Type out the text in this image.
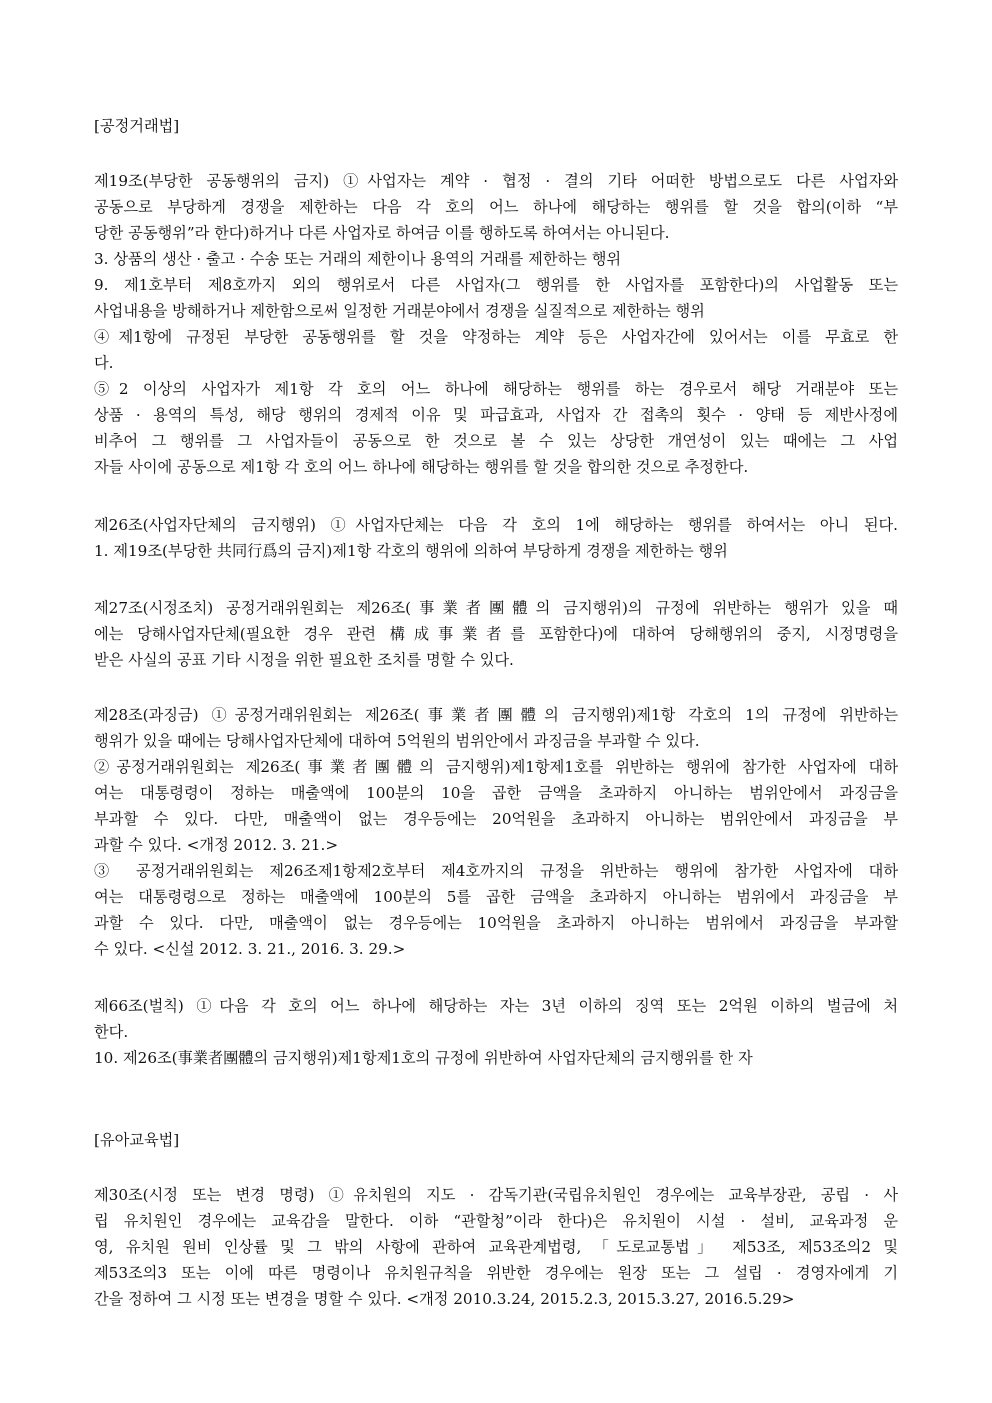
[공정거래법]
제19조(부당한 공동행위의 금지) ①사업자는 계약 · 협정 · 결의 기타 어떠한 방법으로도 다른 사업자와
공동으로 부당하게 경쟁을 제한하는 다음 각 호의 어느 하나에 해당하는 행위를 할 것을 합의(이하 “부
당한 공동행위”라 한다)하거나 다른 사업자로 하여금 이를 행하도록 하여서는 아니된다.
3. 상품의 생산 · 출고 · 수송 또는 거래의 제한이나 용역의 거래를 제한하는 행위
9. 제1호부터 제8호까지 외의 행위로서 다른 사업자(그 행위를 한 사업자를 포함한다)의 사업활동 또는
사업내용을 방해하거나 제한함으로써 일정한 거래분야에서 경쟁을 실질적으로 제한하는 행위
④제1항에 규정된 부당한 공동행위를 할 것을 약정하는 계약 등은 사업자간에 있어서는 이를 무효로 한
다.
⑤2 이상의 사업자가 제1항 각 호의 어느 하나에 해당하는 행위를 하는 경우로서 해당 거래분야 또는
상품 · 용역의 특성, 해당 행위의 경제적 이유 및 파급효과, 사업자 간 접촉의 횟수 · 양태 등 제반사정에
비추어 그 행위를 그 사업자들이 공동으로 한 것으로 볼 수 있는 상당한 개연성이 있는 때에는 그 사업
자들 사이에 공동으로 제1항 각 호의 어느 하나에 해당하는 행위를 할 것을 합의한 것으로 추정한다.
제26조(사업자단체의 금지행위) ①사업자단체는 다음 각 호의 1에 해당하는 행위를 하여서는 아니 된다.
1. 제19조(부당한 共同行爲의 금지)제1항 각호의 행위에 의하여 부당하게 경쟁을 제한하는 행위
제27조(시정조치) 공정거래위원회는 제26조(事業者團體의 금지행위)의 규정에 위반하는 행위가 있을 때
에는 당해사업자단체(필요한 경우 관련 構成事業者를 포함한다)에 대하여 당해행위의 중지, 시정명령을
받은 사실의 공표 기타 시정을 위한 필요한 조치를 명할 수 있다.
제28조(과징금) ①공정거래위원회는 제26조(事業者團體의 금지행위)제1항 각호의 1의 규정에 위반하는
행위가 있을 때에는 당해사업자단체에 대하여 5억원의 범위안에서 과징금을 부과할 수 있다.
②공정거래위원회는 제26조(事業者團體의 금지행위)제1항제1호를 위반하는 행위에 참가한 사업자에 대하
여는 대통령령이 정하는 매출액에 100분의 10을 곱한 금액을 초과하지 아니하는 범위안에서 과징금을
부과할 수 있다. 다만, 매출액이 없는 경우등에는 20억원을 초과하지 아니하는 범위안에서 과징금을 부
과할 수 있다. <개정 2012. 3. 21.>
③ 공정거래위원회는 제26조제1항제2호부터 제4호까지의 규정을 위반하는 행위에 참가한 사업자에 대하
여는 대통령령으로 정하는 매출액에 100분의 5를 곱한 금액을 초과하지 아니하는 범위에서 과징금을 부
과할 수 있다. 다만, 매출액이 없는 경우등에는 10억원을 초과하지 아니하는 범위에서 과징금을 부과할
수 있다. <신설 2012. 3. 21., 2016. 3. 29.>
제66조(벌칙) ①다음 각 호의 어느 하나에 해당하는 자는 3년 이하의 징역 또는 2억원 이하의 벌금에 처
한다.
10. 제26조(事業者團體의 금지행위)제1항제1호의 규정에 위반하여 사업자단체의 금지행위를 한 자
[유아교육법]
제30조(시정 또는 변경 명령) ①유치원의 지도 · 감독기관(국립유치원인 경우에는 교육부장관, 공립 · 사
립 유치원인 경우에는 교육감을 말한다. 이하 “관할청”이라 한다)은 유치원이 시설 · 설비, 교육과정 운
영, 유치원 원비 인상률 및 그 밖의 사항에 관하여 교육관계법령, 「도로교통법」 제53조, 제53조의2 및
제53조의3 또는 이에 따른 명령이나 유치원규칙을 위반한 경우에는 원장 또는 그 설립 · 경영자에게 기
간을 정하여 그 시정 또는 변경을 명할 수 있다. <개정 2010.3.24, 2015.2.3, 2015.3.27, 2016.5.29>
